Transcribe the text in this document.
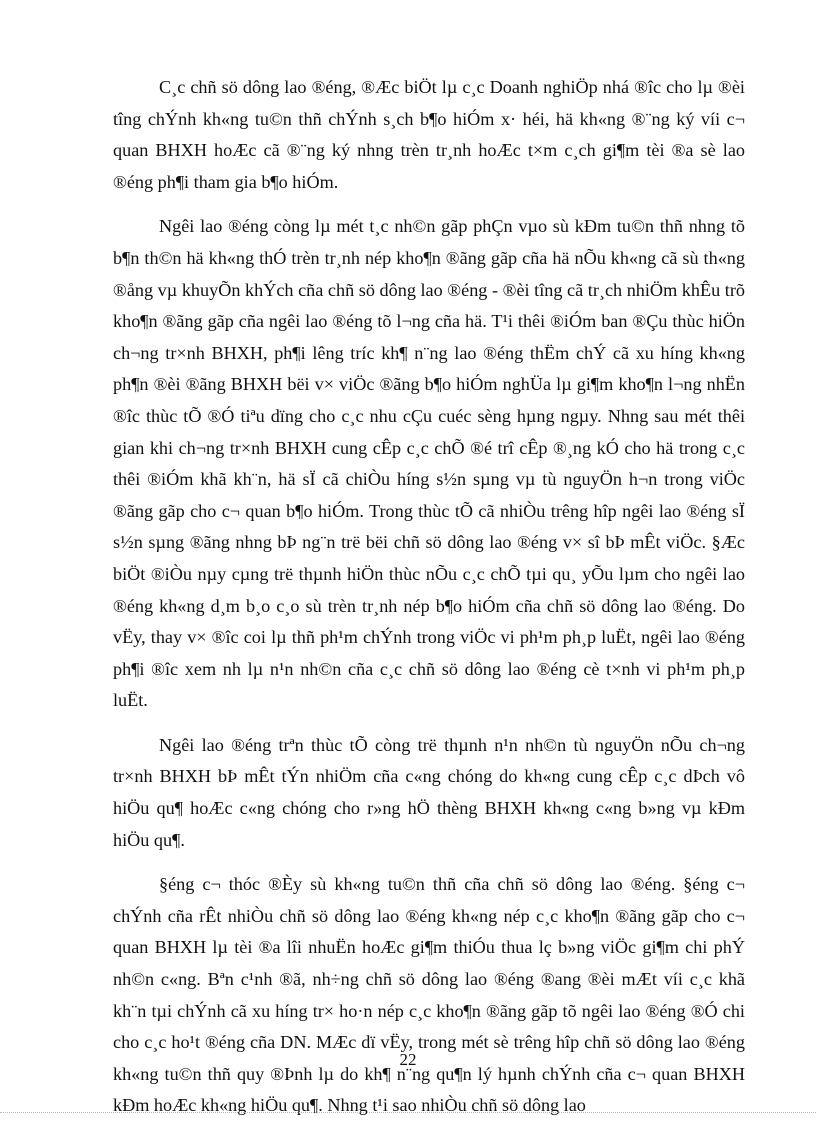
C¸c chñ sö dông lao ®éng, ®Æc biÖt lµ c¸c Doanh nghiÖp nhá ®îc cho lµ ®èi tîng chÝnh kh«ng tu©n thñ chÝnh s¸ch b¶o hiÓm x· héi, hä kh«ng ®¨ng ký víi c¬ quan BHXH hoÆc cã ®¨ng ký nhng trèn tr¸nh hoÆc t×m c¸ch gi¶m tèi ®a sè lao ®éng ph¶i tham gia b¶o hiÓm.

Ngêi lao ®éng còng lµ mét t¸c nh©n gãp phÇn vµo sù kÐm tu©n thñ nhng tõ b¶n th©n hä kh«ng thÓ trèn tr¸nh nép kho¶n ®ãng gãp cña hä nÕu kh«ng cã sù th«ng ®ång vµ khuyÕn khÝch cña chñ sö dông lao ®éng - ®èi tîng cã tr¸ch nhiÖm khÊu trõ kho¶n ®ãng gãp cña ngêi lao ®éng tõ l¬ng cña hä. T¹i thêi ®iÓm ban ®Çu thùc hiÖn ch¬ng tr×nh BHXH, ph¶i lêng tríc kh¶ n¨ng lao ®éng thËm chÝ cã xu híng kh«ng ph¶n ®èi ®ãng BHXH bëi v× viÖc ®ãng b¶o hiÓm nghÜa lµ gi¶m kho¶n l¬ng nhËn ®îc thùc tÕ ®Ó tiªu dïng cho c¸c nhu cÇu cuéc sèng hµng ngµy. Nhng sau mét thêi gian khi ch¬ng tr×nh BHXH cung cÊp c¸c chÕ ®é trî cÊp ®¸ng kÓ cho hä trong c¸c thêi ®iÓm khã kh¨n, hä sÏ cã chiÒu híng s½n sµng vµ tù nguyÖn h¬n trong viÖc ®ãng gãp cho c¬ quan b¶o hiÓm. Trong thùc tÕ cã nhiÒu trêng hîp ngêi lao ®éng sÏ s½n sµng ®ãng nhng bÞ ng¨n trë bëi chñ sö dông lao ®éng v× sî bÞ mÊt viÖc. §Æc biÖt ®iÒu nµy cµng trë thµnh hiÖn thùc nÕu c¸c chÕ tµi qu¸ yÕu lµm cho ngêi lao ®éng kh«ng d¸m b¸o c¸o sù trèn tr¸nh nép b¶o hiÓm cña chñ sö dông lao ®éng. Do vËy, thay v× ®îc coi lµ thñ ph¹m chÝnh trong viÖc vi ph¹m ph¸p luËt, ngêi lao ®éng ph¶i ®îc xem nh lµ n¹n nh©n cña c¸c chñ sö dông lao ®éng cè t×nh vi ph¹m ph¸p luËt.

Ngêi lao ®éng trªn thùc tÕ còng trë thµnh n¹n nh©n tù nguyÖn nÕu ch¬ng tr×nh BHXH bÞ mÊt tÝn nhiÖm cña c«ng chóng do kh«ng cung cÊp c¸c dÞch vô hiÖu qu¶ hoÆc c«ng chóng cho r»ng hÖ thèng BHXH kh«ng c«ng b»ng vµ kÐm hiÖu qu¶.

§éng c¬ thóc ®Èy sù kh«ng tu©n thñ cña chñ sö dông lao ®éng. §éng c¬ chÝnh cña rÊt nhiÒu chñ sö dông lao ®éng kh«ng nép c¸c kho¶n ®ãng gãp cho c¬ quan BHXH lµ tèi ®a lîi nhuËn hoÆc gi¶m thiÓu thua lç b»ng viÖc gi¶m chi phÝ nh©n c«ng. Bªn c¹nh ®ã, nh÷ng chñ sö dông lao ®éng ®ang ®èi mÆt víi c¸c khã kh¨n tµi chÝnh cã xu híng tr× ho·n nép c¸c kho¶n ®ãng gãp tõ ngêi lao ®éng ®Ó chi cho c¸c ho¹t ®éng cña DN. MÆc dï vËy, trong mét sè trêng hîp chñ sö dông lao ®éng kh«ng tu©n thñ quy ®Þnh lµ do kh¶ n¨ng qu¶n lý hµnh chÝnh cña c¬ quan BHXH kÐm hoÆc kh«ng hiÖu qu¶. Nhng t¹i sao nhiÒu chñ sö dông lao

22
